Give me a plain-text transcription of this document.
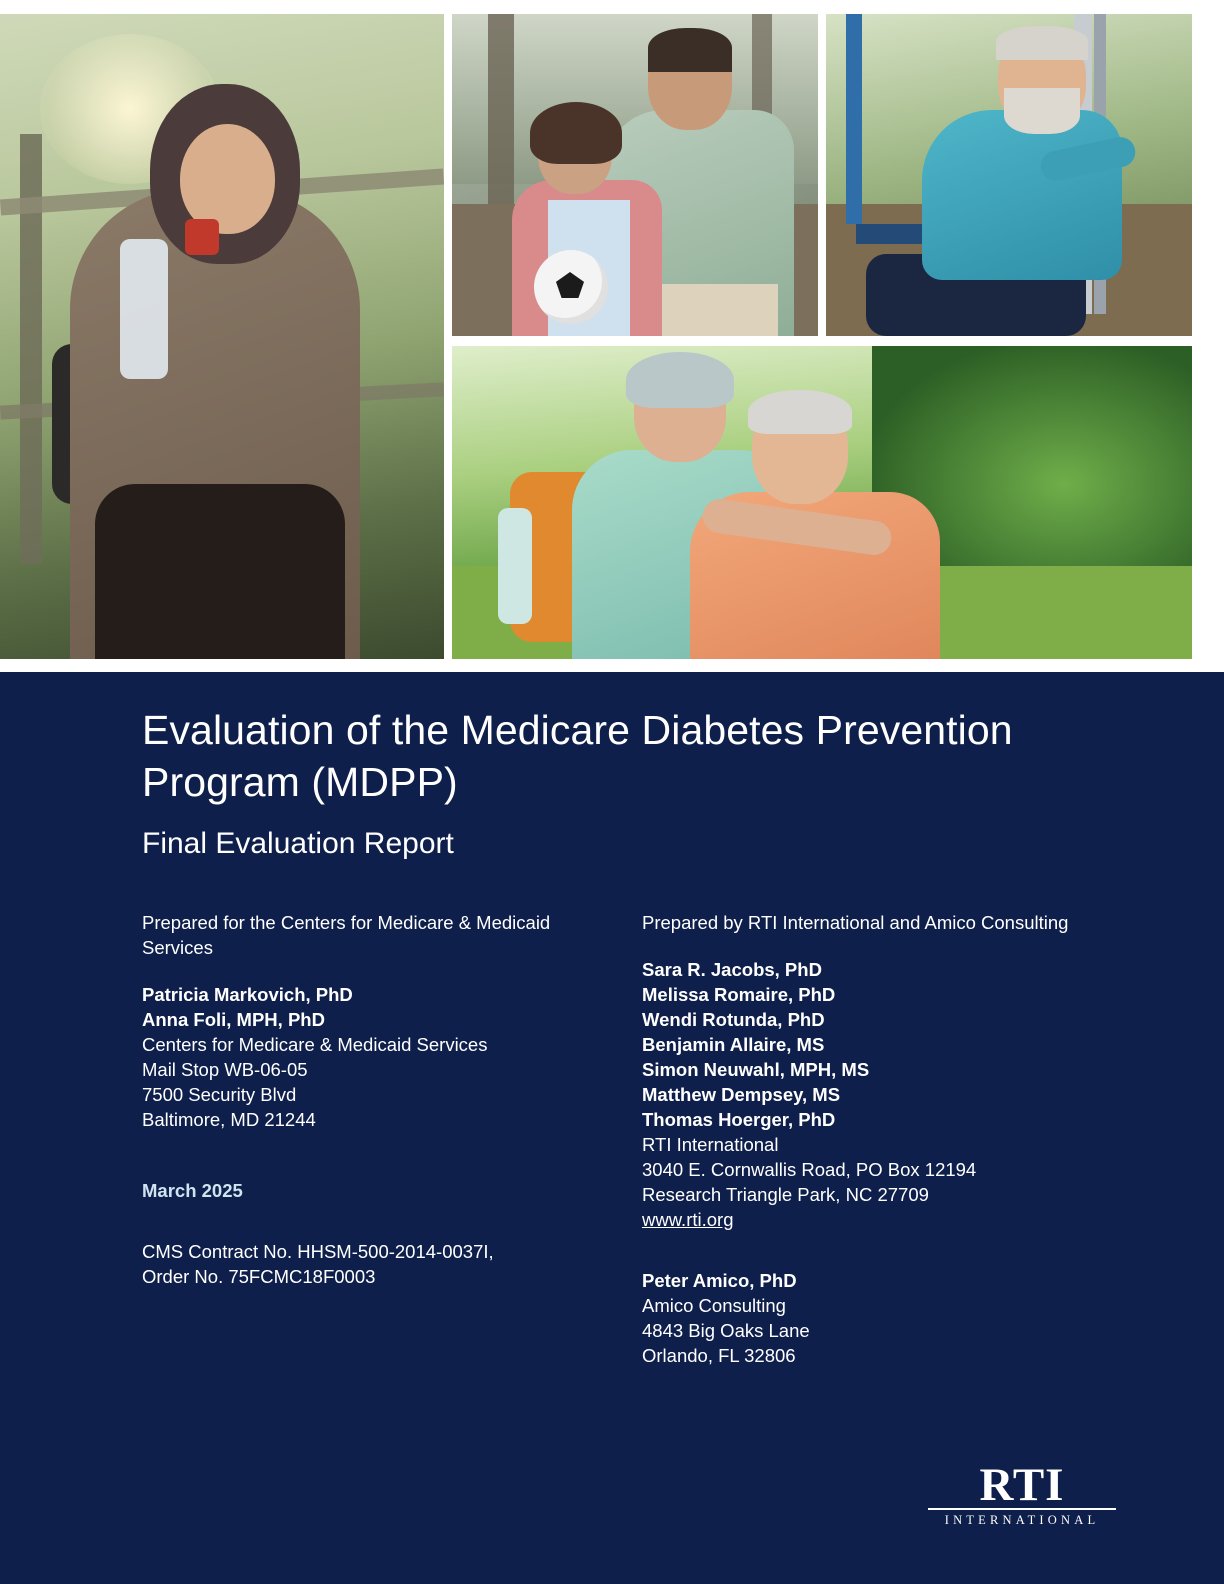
Evaluation of the Medicare Diabetes Prevention Program (MDPP)
Final Evaluation Report

Prepared for the Centers for Medicare & Medicaid Services

Patricia Markovich, PhD

Anna Foli, MPH, PhD

Centers for Medicare & Medicaid Services

Mail Stop WB-06-05

7500 Security Blvd

Baltimore, MD 21244

March 2025

CMS Contract No. HHSM-500-2014-0037I,

Order No. 75FCMC18F0003

Prepared by RTI International and Amico Consulting

Sara R. Jacobs, PhD

Melissa Romaire, PhD

Wendi Rotunda, PhD

Benjamin Allaire, MS

Simon Neuwahl, MPH, MS

Matthew Dempsey, MS

Thomas Hoerger, PhD

RTI International

3040 E. Cornwallis Road, PO Box 12194

Research Triangle Park, NC 27709

www.rti.org

Peter Amico, PhD

Amico Consulting

4843 Big Oaks Lane

Orlando, FL 32806

RTI
INTERNATIONAL
